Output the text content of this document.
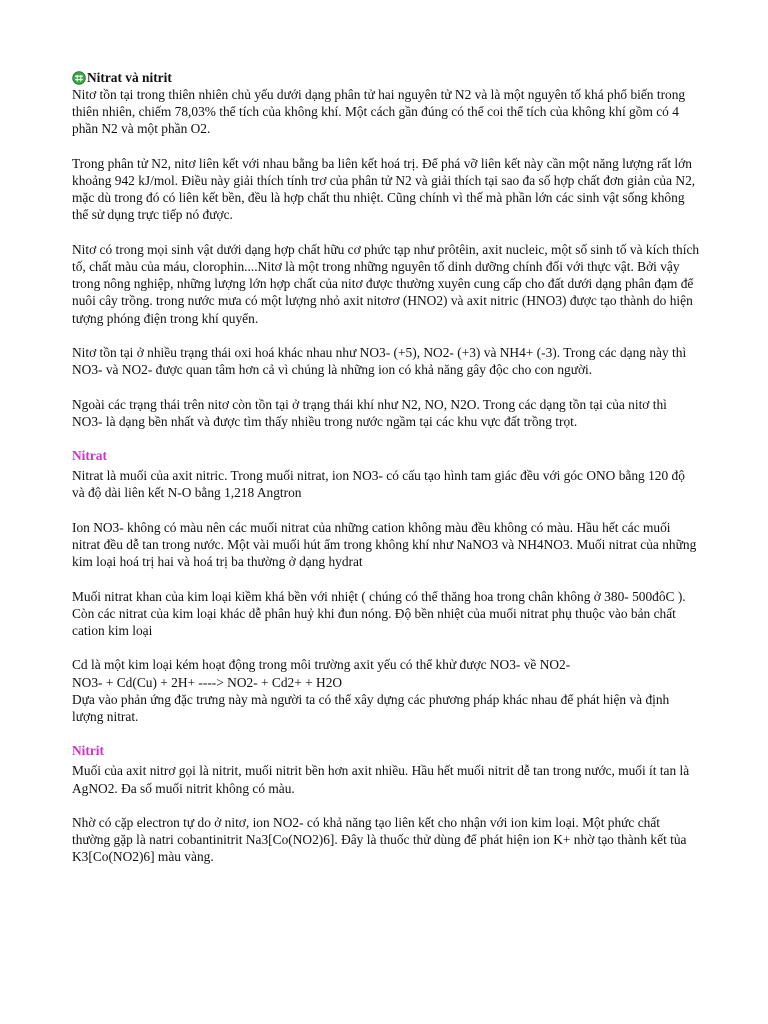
Nitrat và nitrit

Nitơ tồn tại trong thiên nhiên chủ yếu dưới dạng phân tử hai nguyên tử N2 và là một nguyên tố khá phổ biến trong thiên nhiên, chiếm 78,03% thể tích của không khí. Một cách gần đúng có thể coi thể tích của không khí gồm có 4 phần N2 và một phần O2.

Trong phân tử N2, nitơ liên kết với nhau bằng ba liên kết hoá trị. Để phá vỡ liên kết này cần một năng lượng rất lớn khoảng 942 kJ/mol. Điều này giải thích tính trơ của phân tử N2 và giải thích tại sao đa số hợp chất đơn giản của N2, mặc dù trong đó có liên kết bền, đều là hợp chất thu nhiệt. Cũng chính vì thế mà phần lớn các sinh vật sống không thể sử dụng trực tiếp nó được.

Nitơ có trong mọi sinh vật dưới dạng hợp chất hữu cơ phức tạp như prôtêin, axit nucleic, một số sinh tố và kích thích tố, chất màu của máu, clorophin....Nitơ là một trong những nguyên tố dinh dưỡng chính đối với thực vật. Bởi vậy trong nông nghiệp, những lượng lớn hợp chất của nitơ được thường xuyên cung cấp cho đất dưới dạng phân đạm để nuôi cây trồng. trong nước mưa có một lượng nhỏ axit nitơrơ (HNO2) và axit nitric (HNO3) được tạo thành do hiện tượng phóng điện trong khí quyển.

Nitơ tồn tại ở nhiều trạng thái oxi hoá khác nhau như NO3- (+5), NO2- (+3) và NH4+ (-3). Trong các dạng này thì NO3- và NO2- được quan tâm hơn cả vì chúng là những ion có khả năng gây độc cho con người.

Ngoài các trạng thái trên nitơ còn tồn tại ở trạng thái khí như N2, NO, N2O. Trong các dạng tồn tại của nitơ thì NO3- là dạng bền nhất và được tìm thấy nhiều trong nước ngầm tại các khu vực đất trồng trọt.

Nitrat

Nitrat là muối của axit nitric. Trong muối nitrat, ion NO3- có cấu tạo hình tam giác đều với góc ONO bằng 120 độ và độ dài liên kết N-O bằng 1,218 Angtron

Ion NO3- không có màu nên các muối nitrat của những cation không màu đều không có màu. Hầu hết các muối nitrat đều dễ tan trong nước. Một vài muối hút ẩm trong không khí như NaNO3 và NH4NO3. Muối nitrat của những kim loại hoá trị hai và hoá trị ba thường ở dạng hydrat

Muối nitrat khan của kim loại kiềm khá bền với nhiệt ( chúng có thể thăng hoa trong chân không ở 380- 500đôC ). Còn các nitrat của kim loại khác dễ phân huỷ khi đun nóng. Độ bền nhiệt của muối nitrat phụ thuộc vào bản chất cation kim loại

Cd là một kim loại kém hoạt động trong môi trường axit yếu có thể khử được NO3- về NO2-
NO3- + Cd(Cu) + 2H+ ----> NO2- + Cd2+ + H2O
Dựa vào phản ứng đặc trưng này mà người ta có thể xây dựng các phương pháp khác nhau để phát hiện và định lượng nitrat.
Nitrit

Muối của axit nitrơ gọi là nitrit, muối nitrit bền hơn axit nhiều. Hầu hết muối nitrit dễ tan trong nước, muối ít tan là AgNO2. Đa số muối nitrit không có màu.

Nhờ có cặp electron tự do ở nitơ, ion NO2- có khả năng tạo liên kết cho nhận với ion kim loại. Một phức chất thường gặp là natri cobantinitrit Na3[Co(NO2)6]. Đây là thuốc thử dùng để phát hiện ion K+ nhờ tạo thành kết tủa K3[Co(NO2)6] màu vàng.
